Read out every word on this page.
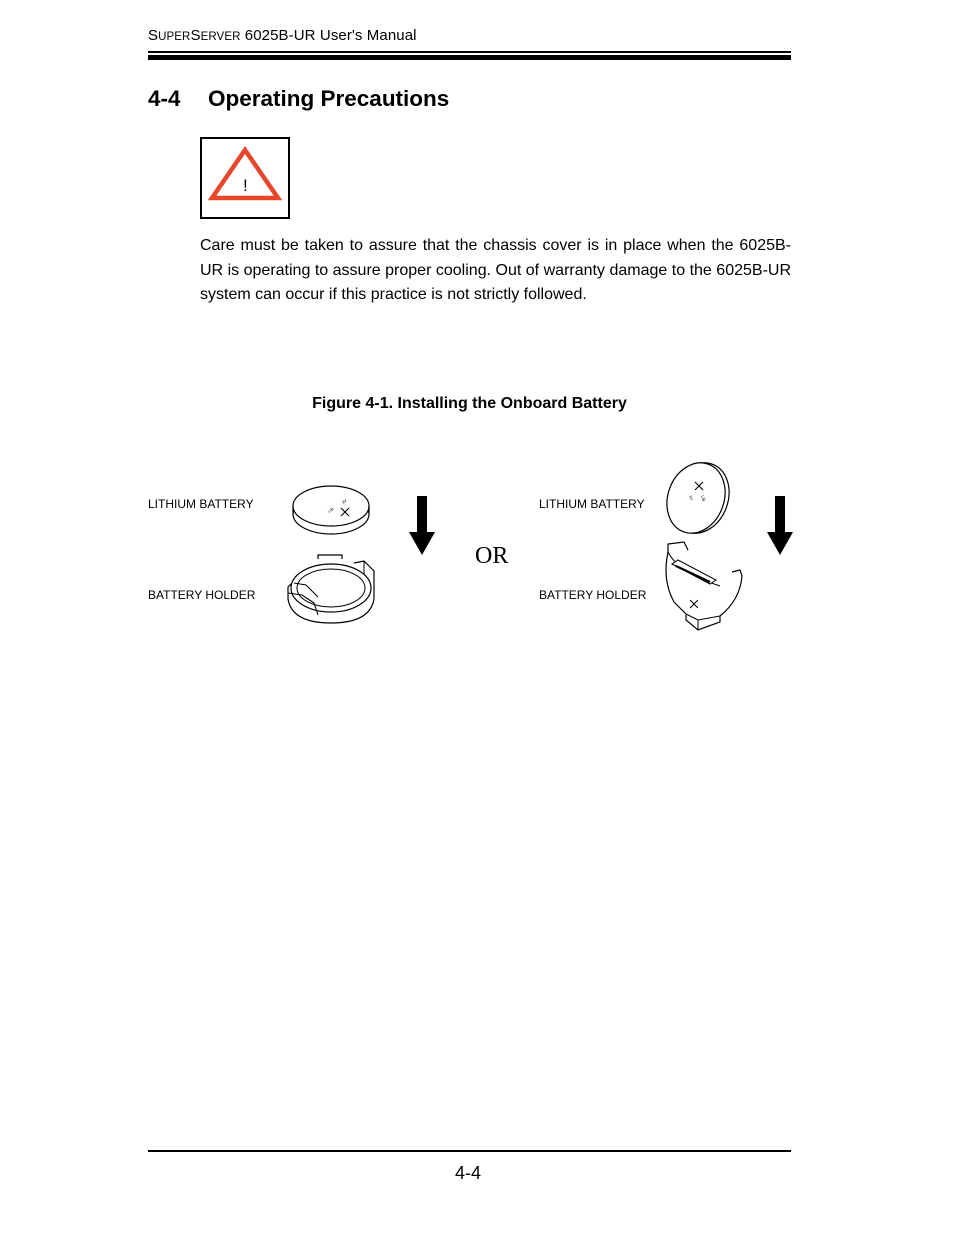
SUPERSERVER 6025B-UR User's Manual
4-4 Operating Precautions
!
Care must be taken to assure that the chassis cover is in place when the 6025B-UR is operating to assure proper cooling. Out of warranty damage to the 6025B-UR system can occur if this practice is not strictly followed.
Figure 4-1. Installing the Onboard Battery
LITHIUM BATTERY
BATTERY HOLDER
LITHIUM BATTERY
BATTERY HOLDER
OR
LIB
3V
3V LIB
4-4
